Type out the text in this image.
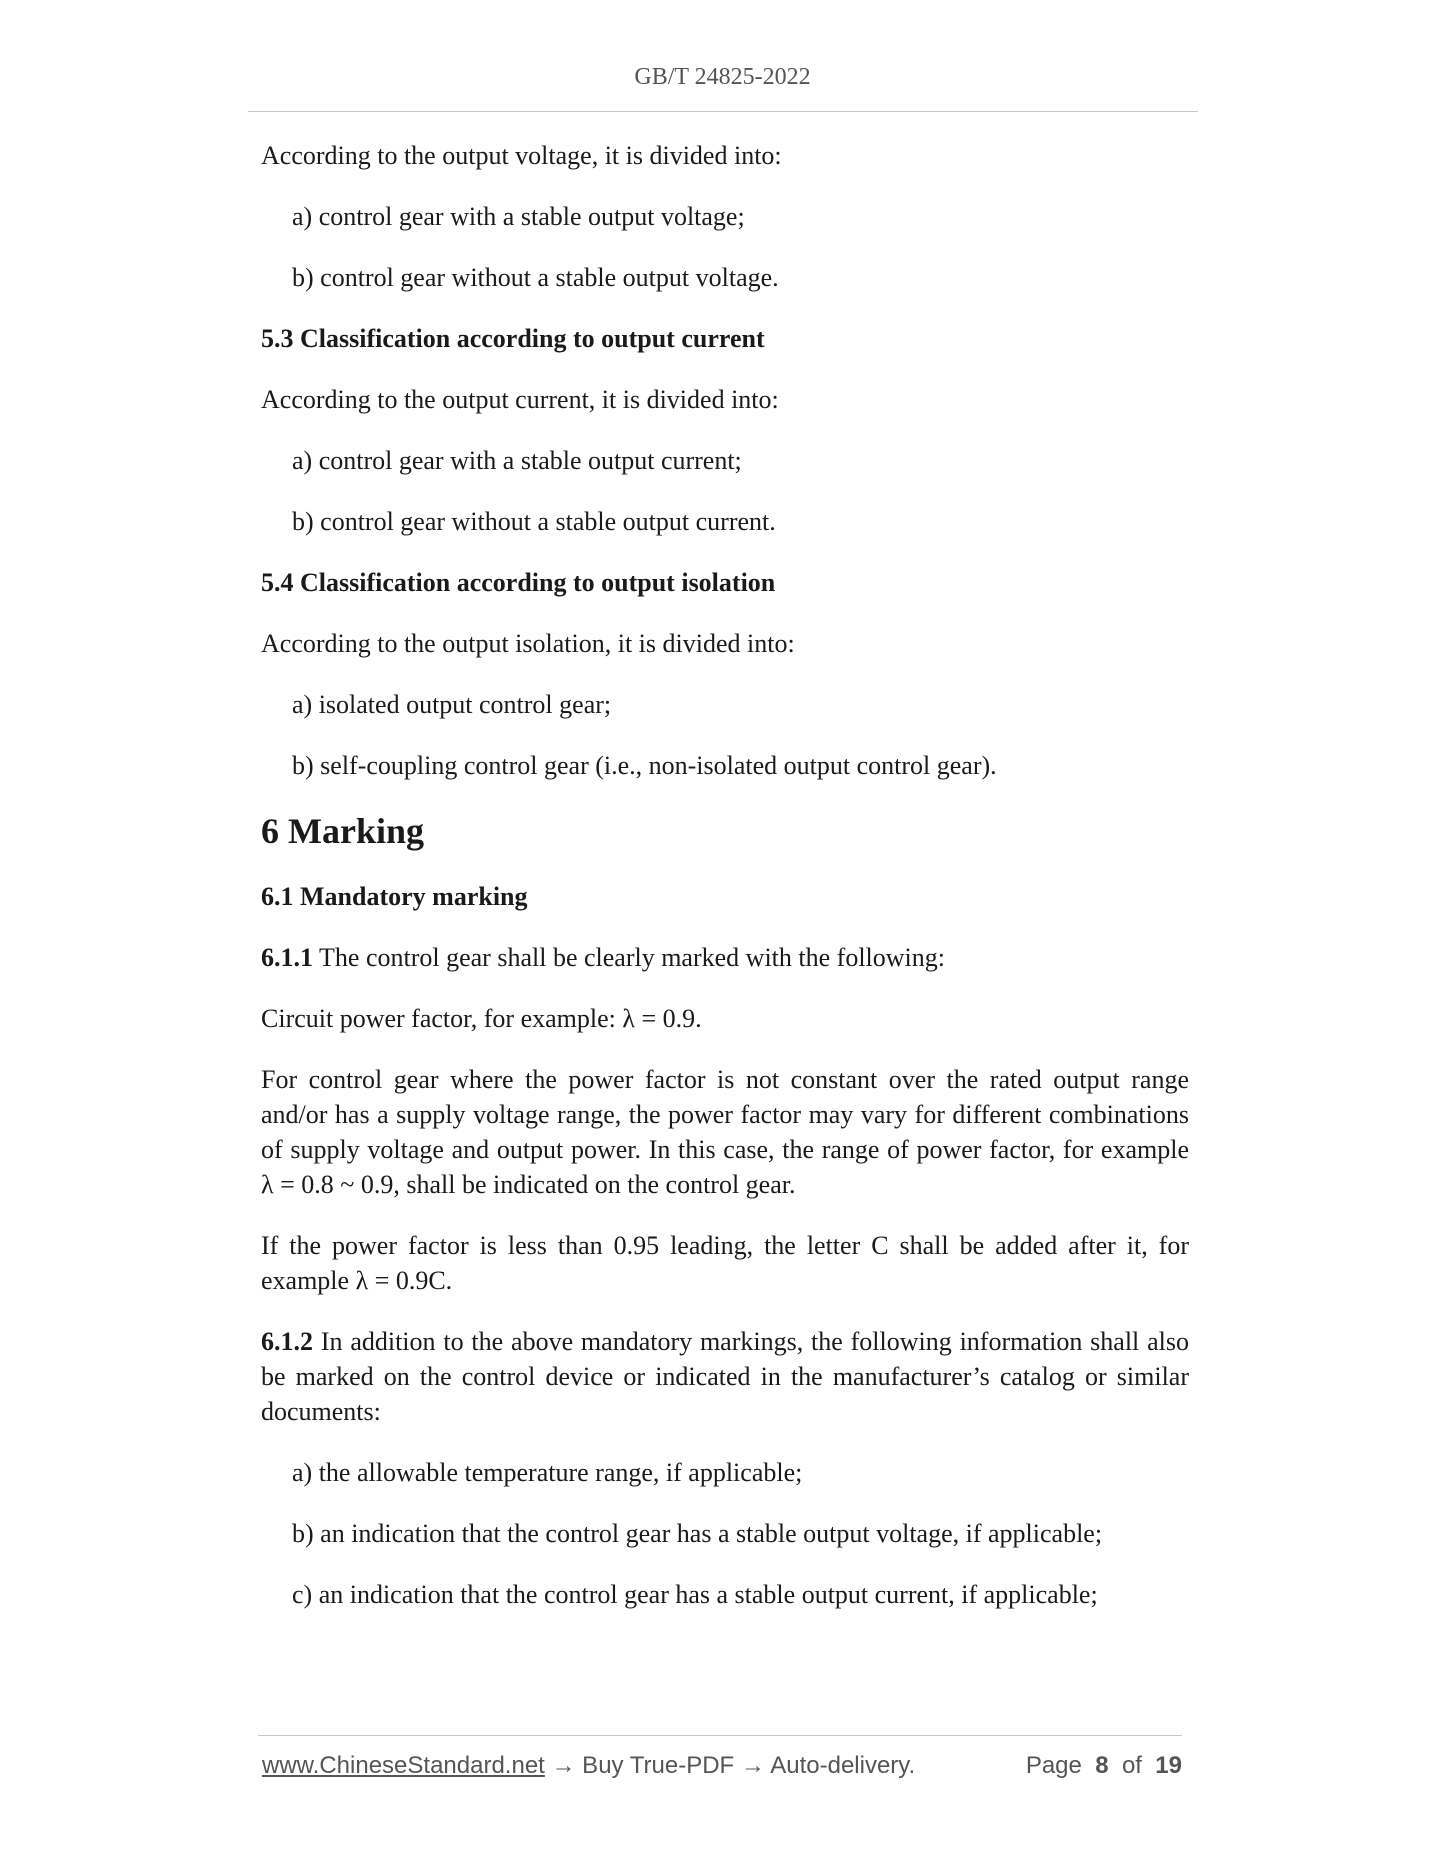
GB/T 24825-2022

According to the output voltage, it is divided into:

a) control gear with a stable output voltage;

b) control gear without a stable output voltage.

5.3 Classification according to output current

According to the output current, it is divided into:

a) control gear with a stable output current;

b) control gear without a stable output current.

5.4 Classification according to output isolation

According to the output isolation, it is divided into:

a) isolated output control gear;

b) self-coupling control gear (i.e., non-isolated output control gear).

6 Marking

6.1 Mandatory marking

6.1.1 The control gear shall be clearly marked with the following:

Circuit power factor, for example: λ = 0.9.

For control gear where the power factor is not constant over the rated output range and/or has a supply voltage range, the power factor may vary for different combinations of supply voltage and output power. In this case, the range of power factor, for example λ = 0.8 ~ 0.9, shall be indicated on the control gear.

If the power factor is less than 0.95 leading, the letter C shall be added after it, for example λ = 0.9C.

6.1.2 In addition to the above mandatory markings, the following information shall also be marked on the control device or indicated in the manufacturer’s catalog or similar documents:

a) the allowable temperature range, if applicable;

b) an indication that the control gear has a stable output voltage, if applicable;

c) an indication that the control gear has a stable output current, if applicable;

www.ChineseStandard.net → Buy True-PDF → Auto-delivery.	Page 8 of 19
